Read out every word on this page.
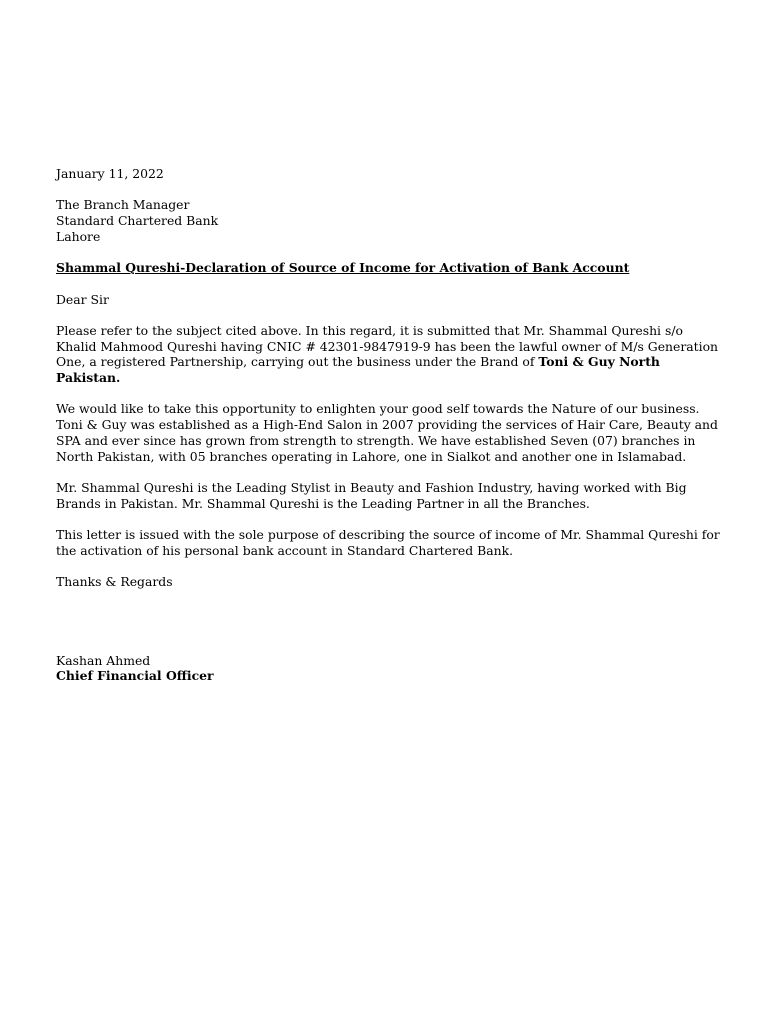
January 11, 2022

The Branch Manager

Standard Chartered Bank

Lahore

Shammal Qureshi-Declaration of Source of Income for Activation of Bank Account

Dear Sir

Please refer to the subject cited above. In this regard, it is submitted that Mr. Shammal Qureshi s/o Khalid Mahmood Qureshi having CNIC # 42301-9847919-9 has been the lawful owner of M/s Generation One, a registered Partnership, carrying out the business under the Brand of Toni & Guy North Pakistan.

We would like to take this opportunity to enlighten your good self towards the Nature of our business. Toni & Guy was established as a High-End Salon in 2007 providing the services of Hair Care, Beauty and SPA and ever since has grown from strength to strength. We have established Seven (07) branches in North Pakistan, with 05 branches operating in Lahore, one in Sialkot and another one in Islamabad.

Mr. Shammal Qureshi is the Leading Stylist in Beauty and Fashion Industry, having worked with Big Brands in Pakistan. Mr. Shammal Qureshi is the Leading Partner in all the Branches.

This letter is issued with the sole purpose of describing the source of income of Mr. Shammal Qureshi for the activation of his personal bank account in Standard Chartered Bank.

Thanks & Regards

Kashan Ahmed

Chief Financial Officer
